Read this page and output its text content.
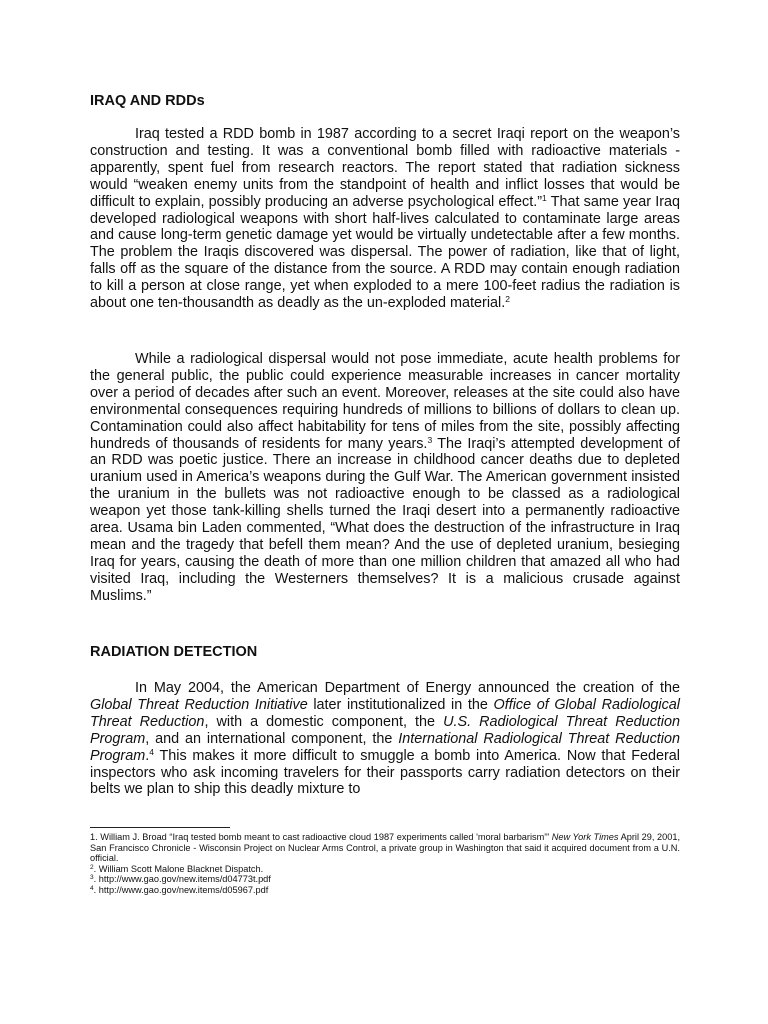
IRAQ AND RDDs
Iraq tested a RDD bomb in 1987 according to a secret Iraqi report on the weapon’s construction and testing. It was a conventional bomb filled with radioactive materials - apparently, spent fuel from research reactors. The report stated that radiation sickness would “weaken enemy units from the standpoint of health and inflict losses that would be difficult to explain, possibly producing an adverse psychological effect.”$^1$ That same year Iraq developed radiological weapons with short half-lives calculated to contaminate large areas and cause long-term genetic damage yet would be virtually undetectable after a few months. The problem the Iraqis discovered was dispersal. The power of radiation, like that of light, falls off as the square of the distance from the source. A RDD may contain enough radiation to kill a person at close range, yet when exploded to a mere 100-feet radius the radiation is about one ten-thousandth as deadly as the un-exploded material.$^2$
While a radiological dispersal would not pose immediate, acute health problems for the general public, the public could experience measurable increases in cancer mortality over a period of decades after such an event. Moreover, releases at the site could also have environmental consequences requiring hundreds of millions to billions of dollars to clean up. Contamination could also affect habitability for tens of miles from the site, possibly affecting hundreds of thousands of residents for many years.$^3$ The Iraqi’s attempted development of an RDD was poetic justice. There an increase in childhood cancer deaths due to depleted uranium used in America’s weapons during the Gulf War. The American government insisted the uranium in the bullets was not radioactive enough to be classed as a radiological weapon yet those tank-killing shells turned the Iraqi desert into a permanently radioactive area. Usama bin Laden commented, “What does the destruction of the infrastructure in Iraq mean and the tragedy that befell them mean? And the use of depleted uranium, besieging Iraq for years, causing the death of more than one million children that amazed all who had visited Iraq, including the Westerners themselves? It is a malicious crusade against Muslims.”
RADIATION DETECTION
In May 2004, the American Department of Energy announced the creation of the Global Threat Reduction Initiative later institutionalized in the Office of Global Radiological Threat Reduction, with a domestic component, the U.S. Radiological Threat Reduction Program, and an international component, the International Radiological Threat Reduction Program.$^4$ This makes it more difficult to smuggle a bomb into America. Now that Federal inspectors who ask incoming travelers for their passports carry radiation detectors on their belts we plan to ship this deadly mixture to

1. William J. Broad “Iraq tested bomb meant to cast radioactive cloud 1987 experiments called 'moral barbarism'” New York Times April 29, 2001, San Francisco Chronicle - Wisconsin Project on Nuclear Arms Control, a private group in Washington that said it acquired document from a U.N. official.

$^2$. William Scott Malone Blacknet Dispatch.

$^3$. http://www.gao.gov/new.items/d04773t.pdf

$^4$. http://www.gao.gov/new.items/d05967.pdf
